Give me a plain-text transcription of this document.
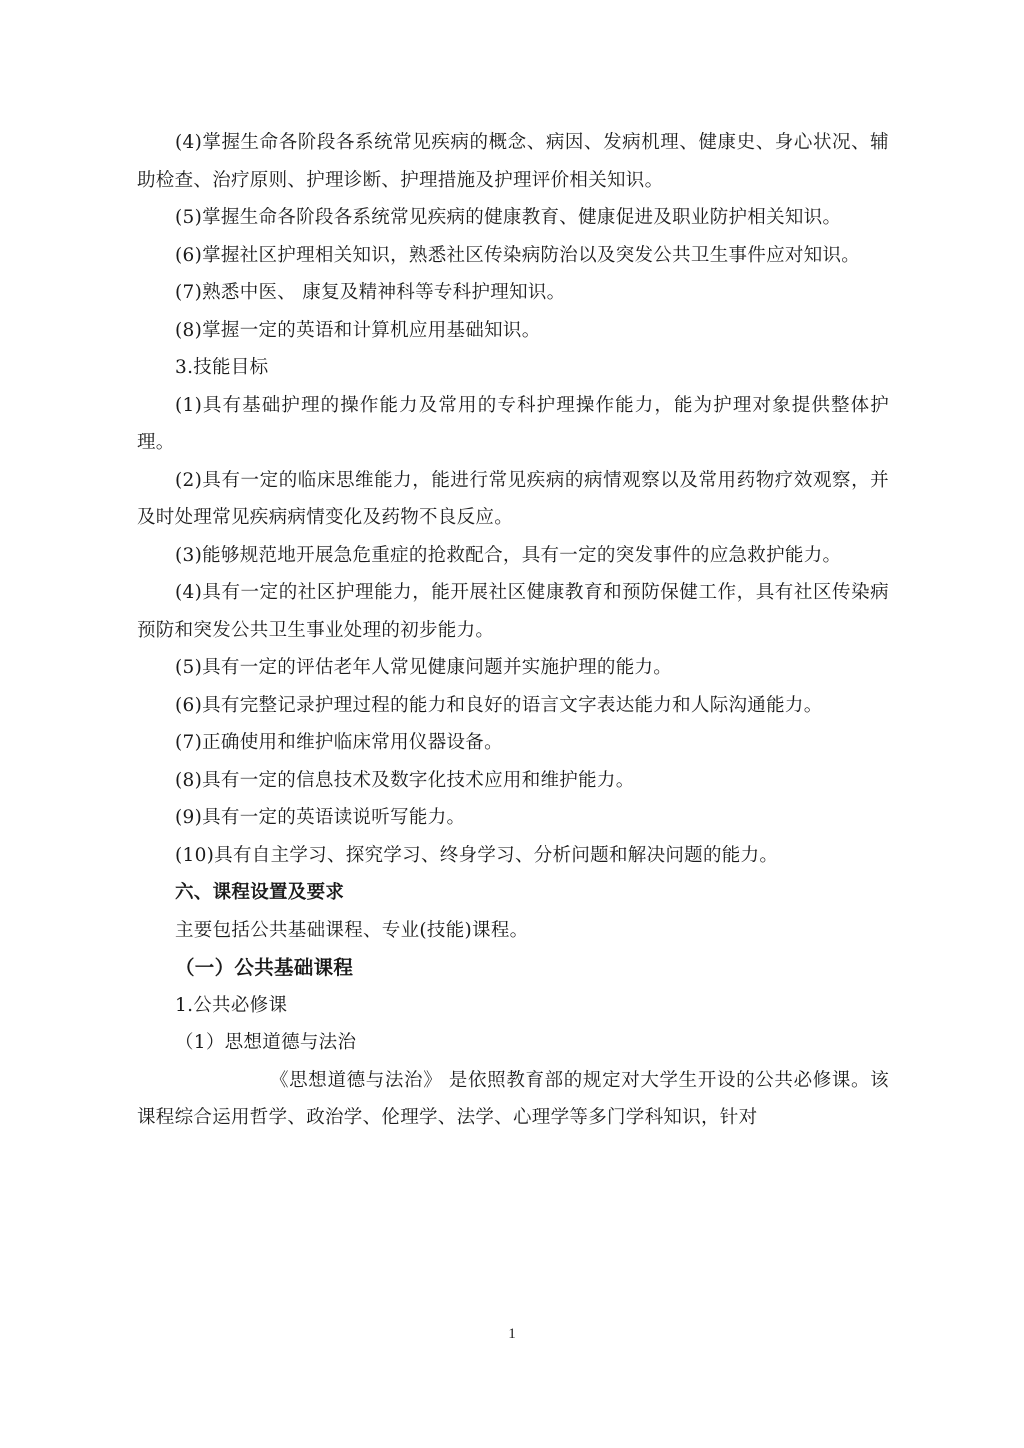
(4)掌握生命各阶段各系统常见疾病的概念、病因、发病机理、健康史、身心状况、辅助检查、治疗原则、护理诊断、护理措施及护理评价相关知识。

(5)掌握生命各阶段各系统常见疾病的健康教育、健康促进及职业防护相关知识。

(6)掌握社区护理相关知识，熟悉社区传染病防治以及突发公共卫生事件应对知识。

(7)熟悉中医、 康复及精神科等专科护理知识。

(8)掌握一定的英语和计算机应用基础知识。

3.技能目标

(1)具有基础护理的操作能力及常用的专科护理操作能力，能为护理对象提供整体护理。

(2)具有一定的临床思维能力，能进行常见疾病的病情观察以及常用药物疗效观察，并及时处理常见疾病病情变化及药物不良反应。

(3)能够规范地开展急危重症的抢救配合，具有一定的突发事件的应急救护能力。

(4)具有一定的社区护理能力，能开展社区健康教育和预防保健工作，具有社区传染病预防和突发公共卫生事业处理的初步能力。

(5)具有一定的评估老年人常见健康问题并实施护理的能力。

(6)具有完整记录护理过程的能力和良好的语言文字表达能力和人际沟通能力。

(7)正确使用和维护临床常用仪器设备。

(8)具有一定的信息技术及数字化技术应用和维护能力。

(9)具有一定的英语读说听写能力。

(10)具有自主学习、探究学习、终身学习、分析问题和解决问题的能力。

六、课程设置及要求

主要包括公共基础课程、专业(技能)课程。

（一）公共基础课程

1.公共必修课

（1）思想道德与法治

《思想道德与法治》 是依照教育部的规定对大学生开设的公共必修课。该课程综合运用哲学、政治学、伦理学、法学、心理学等多门学科知识，针对

1
